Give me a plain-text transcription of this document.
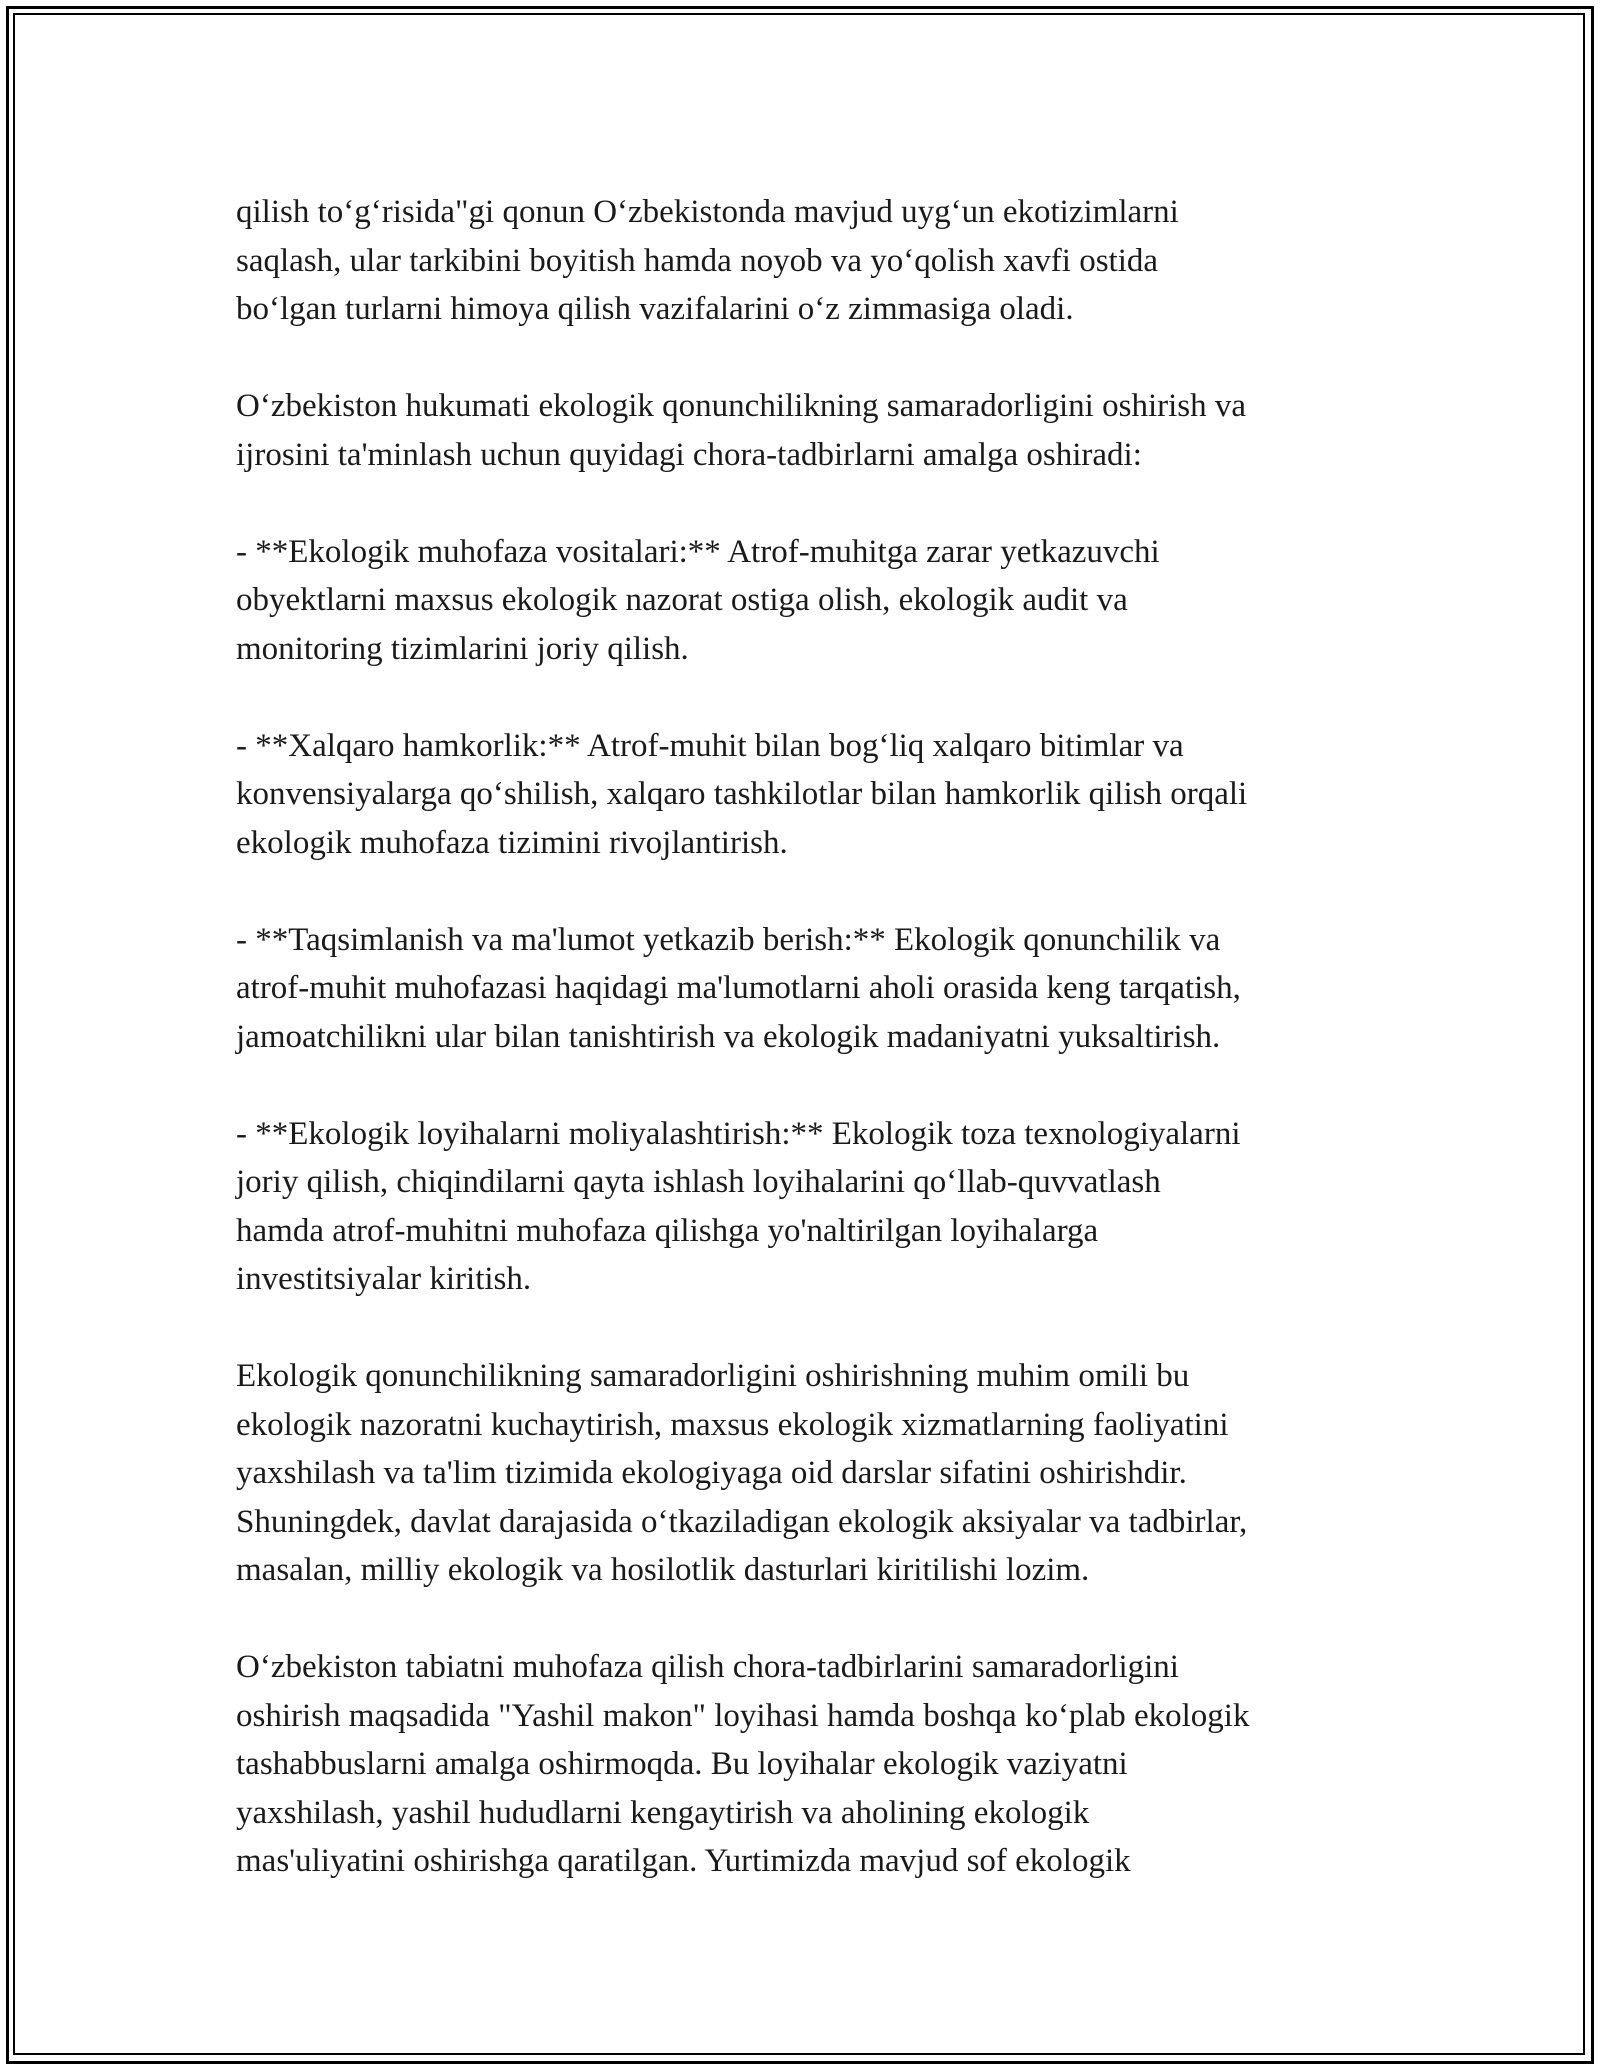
qilish to‘g‘risida"gi qonun O‘zbekistonda mavjud uyg‘un ekotizimlarni
saqlash, ular tarkibini boyitish hamda noyob va yo‘qolish xavfi ostida
bo‘lgan turlarni himoya qilish vazifalarini o‘z zimmasiga oladi.
O‘zbekiston hukumati ekologik qonunchilikning samaradorligini oshirish va
ijrosini ta'minlash uchun quyidagi chora-tadbirlarni amalga oshiradi:
- **Ekologik muhofaza vositalari:** Atrof-muhitga zarar yetkazuvchi
obyektlarni maxsus ekologik nazorat ostiga olish, ekologik audit va
monitoring tizimlarini joriy qilish.
- **Xalqaro hamkorlik:** Atrof-muhit bilan bog‘liq xalqaro bitimlar va
konvensiyalarga qo‘shilish, xalqaro tashkilotlar bilan hamkorlik qilish orqali
ekologik muhofaza tizimini rivojlantirish.
- **Taqsimlanish va ma'lumot yetkazib berish:** Ekologik qonunchilik va
atrof-muhit muhofazasi haqidagi ma'lumotlarni aholi orasida keng tarqatish,
jamoatchilikni ular bilan tanishtirish va ekologik madaniyatni yuksaltirish.
- **Ekologik loyihalarni moliyalashtirish:** Ekologik toza texnologiyalarni
joriy qilish, chiqindilarni qayta ishlash loyihalarini qo‘llab-quvvatlash
hamda atrof-muhitni muhofaza qilishga yo'naltirilgan loyihalarga
investitsiyalar kiritish.
Ekologik qonunchilikning samaradorligini oshirishning muhim omili bu
ekologik nazoratni kuchaytirish, maxsus ekologik xizmatlarning faoliyatini
yaxshilash va ta'lim tizimida ekologiyaga oid darslar sifatini oshirishdir.
Shuningdek, davlat darajasida o‘tkaziladigan ekologik aksiyalar va tadbirlar,
masalan, milliy ekologik va hosilotlik dasturlari kiritilishi lozim.
O‘zbekiston tabiatni muhofaza qilish chora-tadbirlarini samaradorligini
oshirish maqsadida "Yashil makon" loyihasi hamda boshqa ko‘plab ekologik
tashabbuslarni amalga oshirmoqda. Bu loyihalar ekologik vaziyatni
yaxshilash, yashil hududlarni kengaytirish va aholining ekologik
mas'uliyatini oshirishga qaratilgan. Yurtimizda mavjud sof ekologik
